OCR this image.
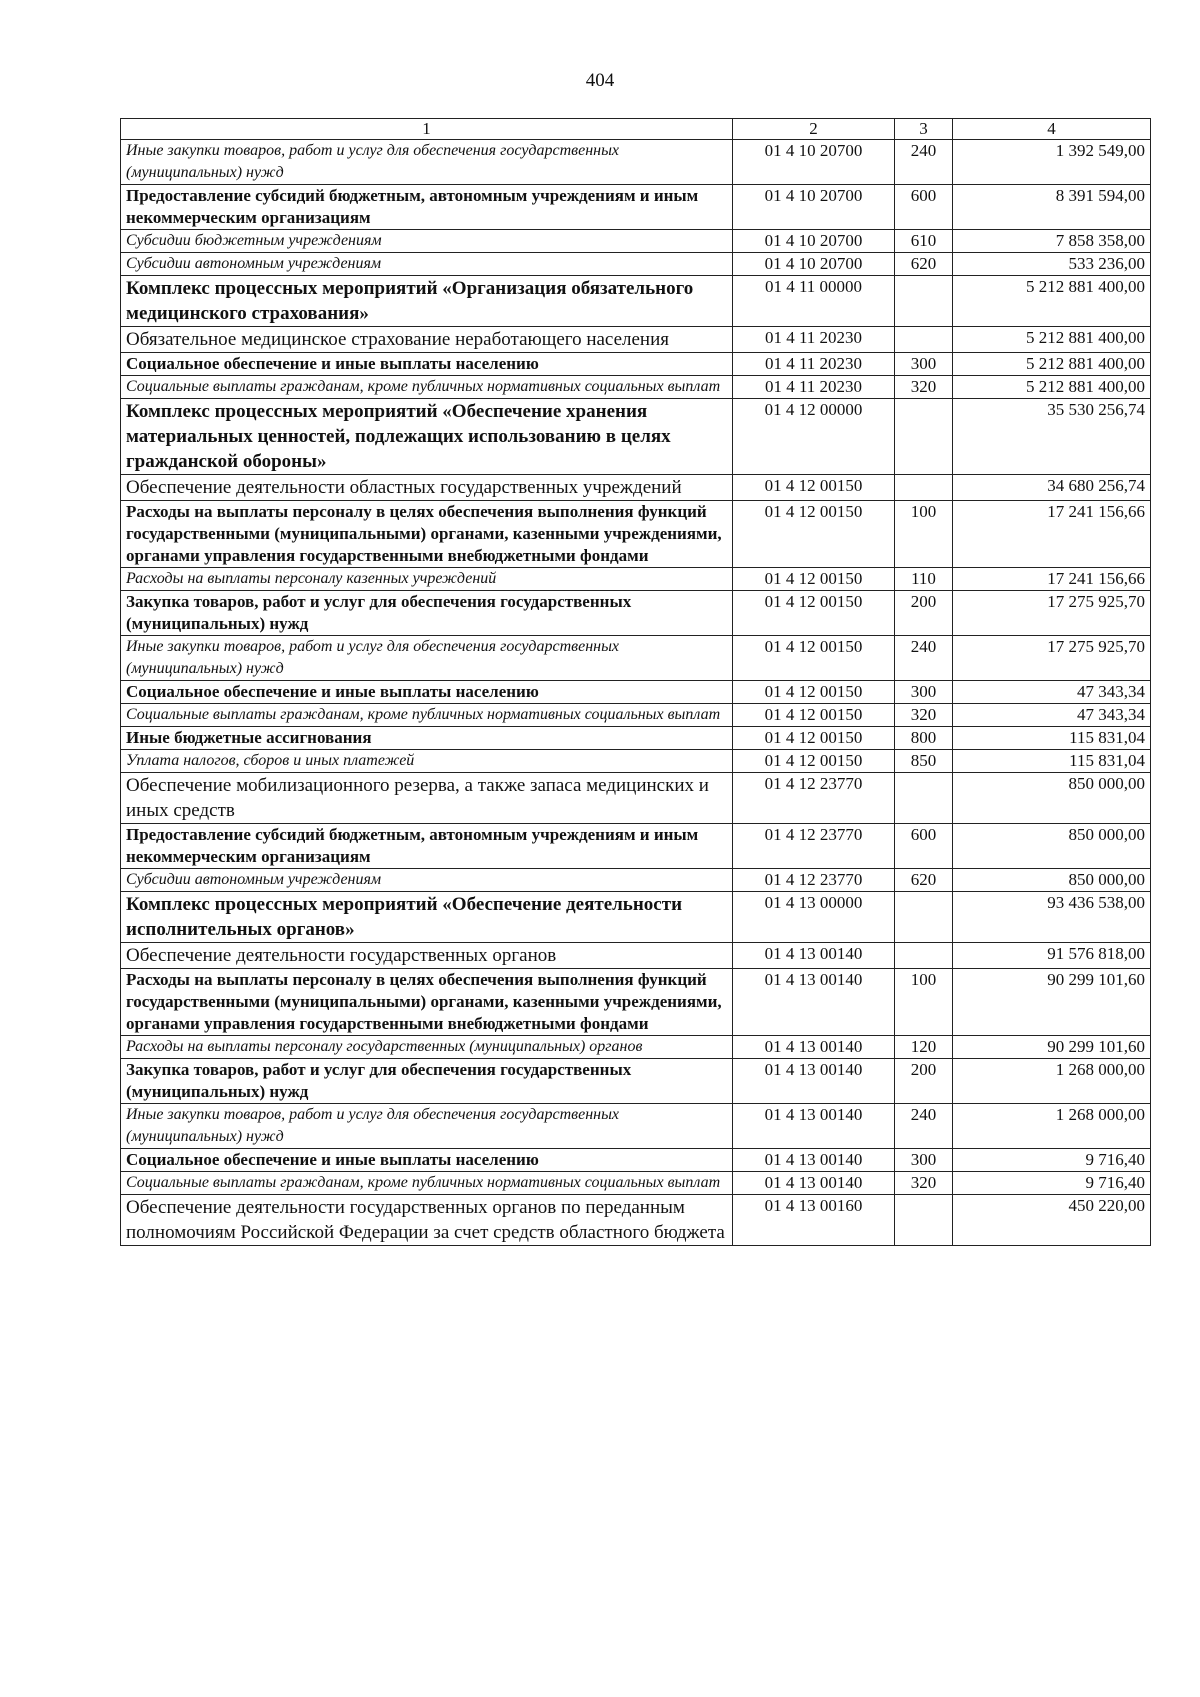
404
1	2	3	4
Иные закупки товаров, работ и услуг для обеспечения государственных (муниципальных) нужд	01 4 10 20700	240	1 392 549,00
Предоставление субсидий бюджетным, автономным учреждениям и иным некоммерческим организациям	01 4 10 20700	600	8 391 594,00
Субсидии бюджетным учреждениям	01 4 10 20700	610	7 858 358,00
Субсидии автономным учреждениям	01 4 10 20700	620	533 236,00
Комплекс процессных мероприятий «Организация обязательного медицинского страхования»	01 4 11 00000		5 212 881 400,00
Обязательное медицинское страхование неработающего населения	01 4 11 20230		5 212 881 400,00
Социальное обеспечение и иные выплаты населению	01 4 11 20230	300	5 212 881 400,00
Социальные выплаты гражданам, кроме публичных нормативных социальных выплат	01 4 11 20230	320	5 212 881 400,00
Комплекс процессных мероприятий «Обеспечение хранения материальных ценностей, подлежащих использованию в целях гражданской обороны»	01 4 12 00000		35 530 256,74
Обеспечение деятельности областных государственных учреждений	01 4 12 00150		34 680 256,74
Расходы на выплаты персоналу в целях обеспечения выполнения функций государственными (муниципальными) органами, казенными учреждениями, органами управления государственными внебюджетными фондами	01 4 12 00150	100	17 241 156,66
Расходы на выплаты персоналу казенных учреждений	01 4 12 00150	110	17 241 156,66
Закупка товаров, работ и услуг для обеспечения государственных (муниципальных) нужд	01 4 12 00150	200	17 275 925,70
Иные закупки товаров, работ и услуг для обеспечения государственных (муниципальных) нужд	01 4 12 00150	240	17 275 925,70
Социальное обеспечение и иные выплаты населению	01 4 12 00150	300	47 343,34
Социальные выплаты гражданам, кроме публичных нормативных социальных выплат	01 4 12 00150	320	47 343,34
Иные бюджетные ассигнования	01 4 12 00150	800	115 831,04
Уплата налогов, сборов и иных платежей	01 4 12 00150	850	115 831,04
Обеспечение мобилизационного резерва, а также запаса медицинских и иных средств	01 4 12 23770		850 000,00
Предоставление субсидий бюджетным, автономным учреждениям и иным некоммерческим организациям	01 4 12 23770	600	850 000,00
Субсидии автономным учреждениям	01 4 12 23770	620	850 000,00
Комплекс процессных мероприятий «Обеспечение деятельности исполнительных органов»	01 4 13 00000		93 436 538,00
Обеспечение деятельности государственных органов	01 4 13 00140		91 576 818,00
Расходы на выплаты персоналу в целях обеспечения выполнения функций государственными (муниципальными) органами, казенными учреждениями, органами управления государственными внебюджетными фондами	01 4 13 00140	100	90 299 101,60
Расходы на выплаты персоналу государственных (муниципальных) органов	01 4 13 00140	120	90 299 101,60
Закупка товаров, работ и услуг для обеспечения государственных (муниципальных) нужд	01 4 13 00140	200	1 268 000,00
Иные закупки товаров, работ и услуг для обеспечения государственных (муниципальных) нужд	01 4 13 00140	240	1 268 000,00
Социальное обеспечение и иные выплаты населению	01 4 13 00140	300	9 716,40
Социальные выплаты гражданам, кроме публичных нормативных социальных выплат	01 4 13 00140	320	9 716,40
Обеспечение деятельности государственных органов по переданным полномочиям Российской Федерации за счет средств областного бюджета	01 4 13 00160		450 220,00
